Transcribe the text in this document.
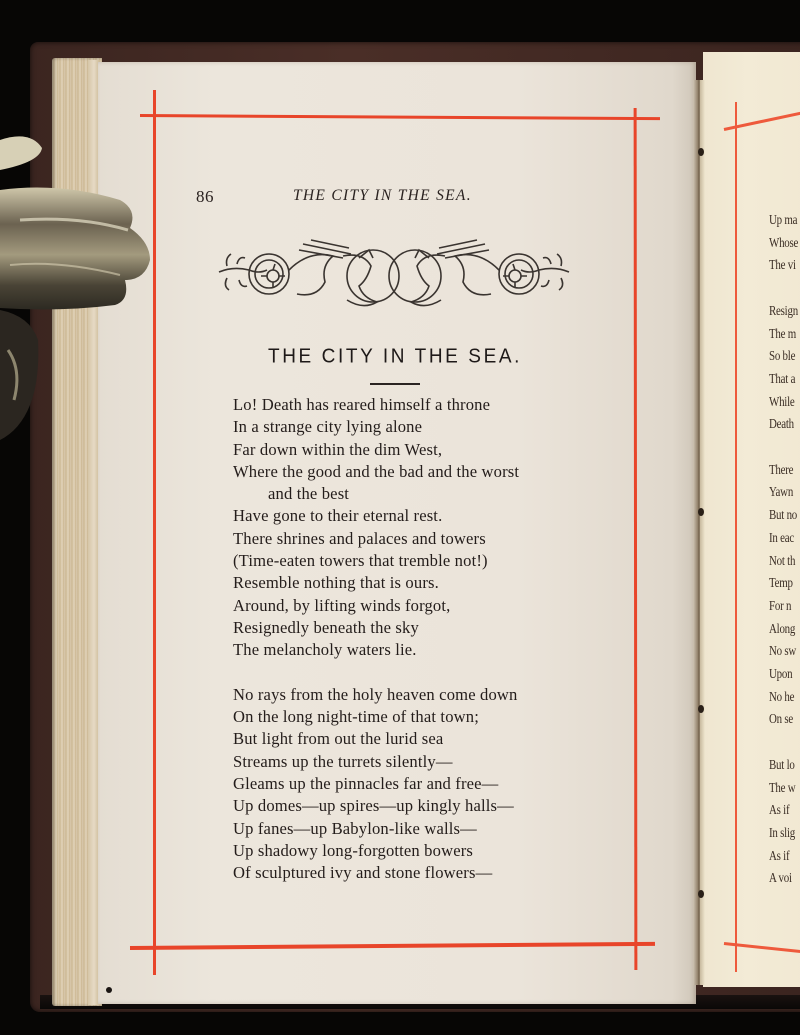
86	THE CITY IN THE SEA.
THE CITY IN THE SEA.
Lo! Death has reared himself a throne
In a strange city lying alone
Far down within the dim West,
Where the good and the bad and the worst
and the best
Have gone to their eternal rest.
There shrines and palaces and towers
(Time-eaten towers that tremble not!)
Resemble nothing that is ours.
Around, by lifting winds forgot,
Resignedly beneath the sky
The melancholy waters lie.
No rays from the holy heaven come down
On the long night-time of that town;
But light from out the lurid sea
Streams up the turrets silently—
Gleams up the pinnacles far and free—
Up domes—up spires—up kingly halls—
Up fanes—up Babylon-like walls—
Up shadowy long-forgotten bowers
Of sculptured ivy and stone flowers—
Up ma
Whose
The vi
Resign
The m
So ble
That a
While
Death
There
Yawn
But no
In eac
Not th
Temp
For n
Along
No sw
Upon
No he
On se
But lo
The w
As if
In slig
As if
A voi
